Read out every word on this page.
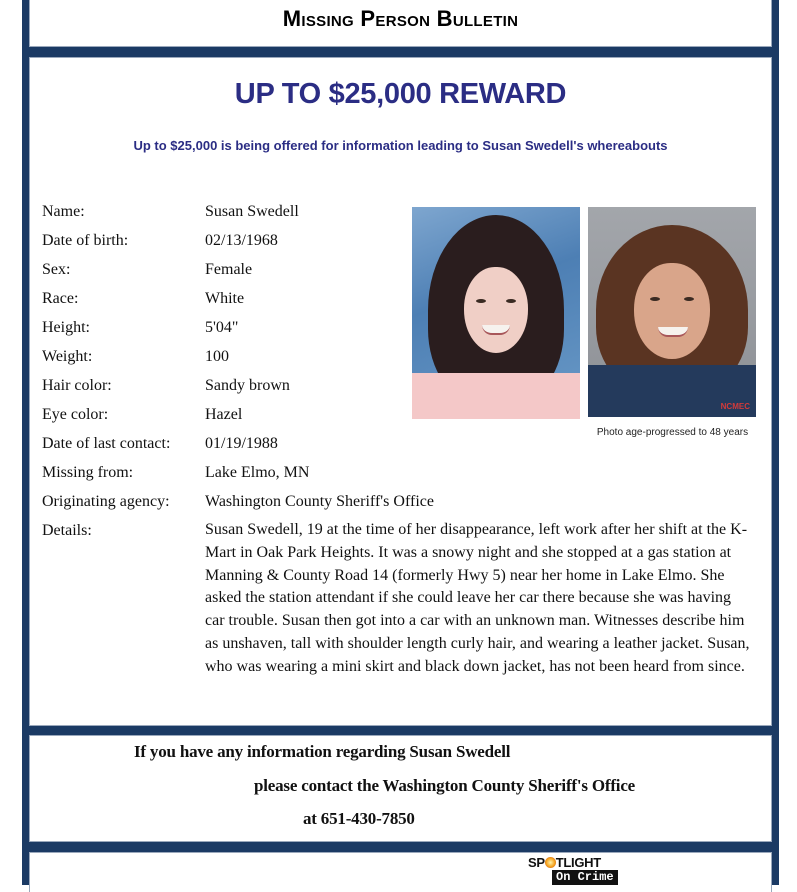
Missing Person Bulletin
UP TO $25,000 REWARD
Up to $25,000 is being offered for information leading to Susan Swedell's whereabouts
Name:	Susan Swedell
Date of birth:	02/13/1968
Sex:	Female
Race:	White
Height:	5'04"
Weight:	100
Hair color:	Sandy brown
Eye color:	Hazel
Date of last contact: 01/19/1988
Missing from:	Lake Elmo, MN
Originating agency: Washington County Sheriff's Office
Details:	Susan Swedell, 19 at the time of her disappearance, left work after her shift at the K-Mart in Oak Park Heights. It was a snowy night and she stopped at a gas station at Manning & County Road 14 (formerly Hwy 5) near her home in Lake Elmo. She asked the station attendant if she could leave her car there because she was having car trouble. Susan then got into a car with an unknown man. Witnesses describe him as unshaven, tall with shoulder length curly hair, and wearing a leather jacket. Susan, who was wearing a mini skirt and black down jacket, has not been heard from since.
NCMEC
Photo age-progressed to 48 years
If you have any information regarding Susan Swedell
please contact the Washington County Sheriff's Office
at 651-430-7850
SP TLIGHT
On Crime
